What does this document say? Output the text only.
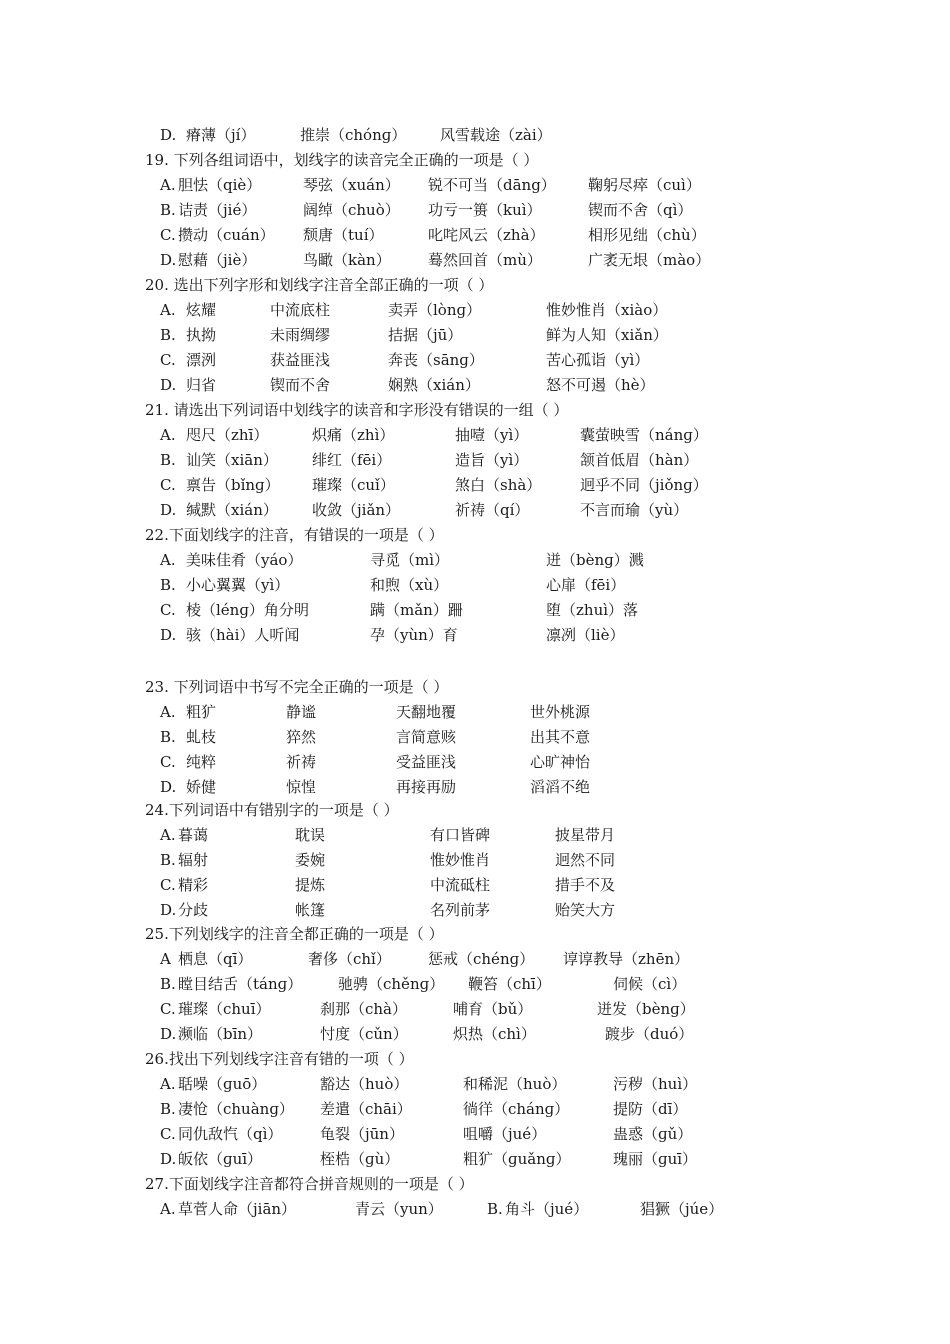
D. 瘠薄（jí）	推崇（chónɡ） 风雪载途（zài）
19. 下列各组词语中，划线字的读音完全正确的一项是（ ）
A. 胆怯（qiè）	琴弦（xuán） 锐不可当（dāng） 鞠躬尽瘁（cuì）
B. 诘责（jié）	阔绰（chuò） 功亏一篑（kuì）	锲而不舍（qì）
C. 攒动（cuán） 颓唐（tuí）	叱咤风云（zhà）	相形见绌（chù）
D. 慰藉（jiè）	鸟瞰（kàn） 蓦然回首（mù）	广袤无垠（mào）
20. 选出下列字形和划线字注音全部正确的一项（ ）
A. 炫耀	中流底柱	卖弄（lònɡ）	惟妙惟肖（xiào）
B. 执拗	未雨绸缪	拮据（jū）	鲜为人知（xiǎn）
C. 漂洌	获益匪浅	奔丧（sānɡ）	苦心孤诣（yì）
D. 归省	锲而不舍	娴熟（xián）	怒不可遏（hè）
21. 请选出下列词语中划线字的读音和字形没有错误的一组（ ）
A. 咫尺（zhī）	炽痛（zhì）	抽噎（yì）	囊萤映雪（nánɡ）
B. 讪笑（xiān） 绯红（fēi）	造旨（yì）	颔首低眉（hàn）
C. 禀告（bǐnɡ） 璀璨（cuǐ）	煞白（shà）	迥乎不同（jiǒnɡ）
D. 缄默（xián） 收敛（jiǎn）	祈祷（qí）	不言而瑜（yù）
22.下面划线字的注音，有错误的一项是（ ）
A. 美味佳肴（yáo）	寻觅（mì）	迸（bènɡ）溅
B. 小心翼翼（yì）	和煦（xù）	心扉（fēi）
C. 棱（lénɡ）角分明	蹒（mǎn）跚	堕（zhuì）落
D. 骇（hài）人听闻	孕（yùn）育	凛冽（liè）
23. 下列词语中书写不完全正确的一项是（ ）
A. 粗犷	静谧	天翻地覆	世外桃源
B. 虬枝	猝然	言简意赅	出其不意
C. 纯粹	祈祷	受益匪浅	心旷神怡
D. 娇健	惊惶	再接再励	滔滔不绝
24.下列词语中有错别字的一项是（ ）
A. 暮蔼	耽误	有口皆碑	披星带月
B. 辐射	委婉	惟妙惟肖	迥然不同
C. 精彩	提炼	中流砥柱	措手不及
D. 分歧	帐篷	名列前茅	贻笑大方
25.下列划线字的注音全都正确的一项是（ ）
A 栖息（qī）	奢侈（chǐ） 惩戒（chénɡ） 谆谆教导（zhēn）
B. 瞠目结舌（tánɡ） 驰骋（chěnɡ） 鞭笞（chī）	伺候（cì）
C. 璀璨（chuī）	刹那（chà）	哺育（bǔ）	迸发（bènɡ）
D. 濒临（bīn）	忖度（cǔn）	炽热（chì）	踱步（duó）
26.找出下列划线字注音有错的一项（ ）
A. 聒噪（ɡuō）	豁达（huò）	和稀泥（huò）	污秽（huì）
B. 凄怆（chuànɡ） 差遣（chāi）	徜徉（chánɡ）	提防（dī）
C. 同仇敌忾（qì）	龟裂（jūn）	咀嚼（jué）	蛊惑（ɡǔ）
D. 皈依（ɡuī）	桎梏（ɡù）	粗犷（ɡuǎnɡ）	瑰丽（ɡuī）
27.下面划线字注音都符合拼音规则的一项是（ ）
A. 草菅人命（jiān）	青云（yun）	B. 角斗（jué）	猖獗（júe）
